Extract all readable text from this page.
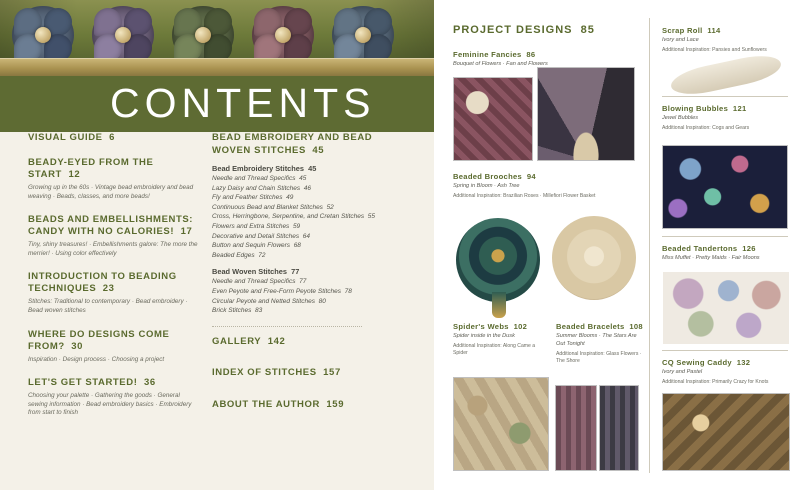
CONTENTS
VISUAL GUIDE 6
BEADY-EYED FROM THE START 12
Growing up in the 60s · Vintage bead embroidery and bead weaving · Beads, classes, and more beads!
BEADS AND EMBELLISHMENTS: CANDY WITH NO CALORIES! 17
Tiny, shiny treasures! · Embellishments galore: The more the merrier! · Using color effectively
INTRODUCTION TO BEADING TECHNIQUES 23
Stitches: Traditional to contemporary · Bead embroidery · Bead woven stitches
WHERE DO DESIGNS COME FROM? 30
Inspiration · Design process · Choosing a project
LET'S GET STARTED! 36
Choosing your palette · Gathering the goods · General sewing information · Bead embroidery basics · Embroidery from start to finish
BEAD EMBROIDERY AND BEAD WOVEN STITCHES 45
Bead Embroidery Stitches 45
Needle and Thread Specifics 45
Lazy Daisy and Chain Stitches 46
Fly and Feather Stitches 49
Continuous Bead and Blanket Stitches 52
Cross, Herringbone, Serpentine, and Cretan Stitches 55
Flowers and Extra Stitches 59
Decorative and Detail Stitches 64
Button and Sequin Flowers 68
Beaded Edges 72
Bead Woven Stitches 77
Needle and Thread Specifics 77
Even Peyote and Free-Form Peyote Stitches 78
Circular Peyote and Netted Stitches 80
Brick Stitches 83
GALLERY 142
INDEX OF STITCHES 157
ABOUT THE AUTHOR 159
PROJECT DESIGNS 85
Feminine Fancies 86
Bouquet of Flowers · Fan and Flowers
Beaded Brooches 94
Spring in Bloom · Ash Tree
Additional Inspiration: Brazilian Roses · Millefiori Flower Basket
Spider's Webs 102
Spider inside in the Dusk
Additional Inspiration: Along Came a Spider
Beaded Bracelets 108
Summer Blooms · The Stars Are Out Tonight
Additional Inspiration: Glass Flowers · The Shore
Scrap Roll 114
Ivory and Lace
Additional Inspiration: Pansies and Sunflowers
Blowing Bubbles 121
Jewel Bubbles
Additional Inspiration: Cogs and Gears
Beaded Tandertons 126
Miss Muffet · Pretty Maids · Fair Moons
CQ Sewing Caddy 132
Ivory and Pastel
Additional Inspiration: Primarily Crazy for Knots
